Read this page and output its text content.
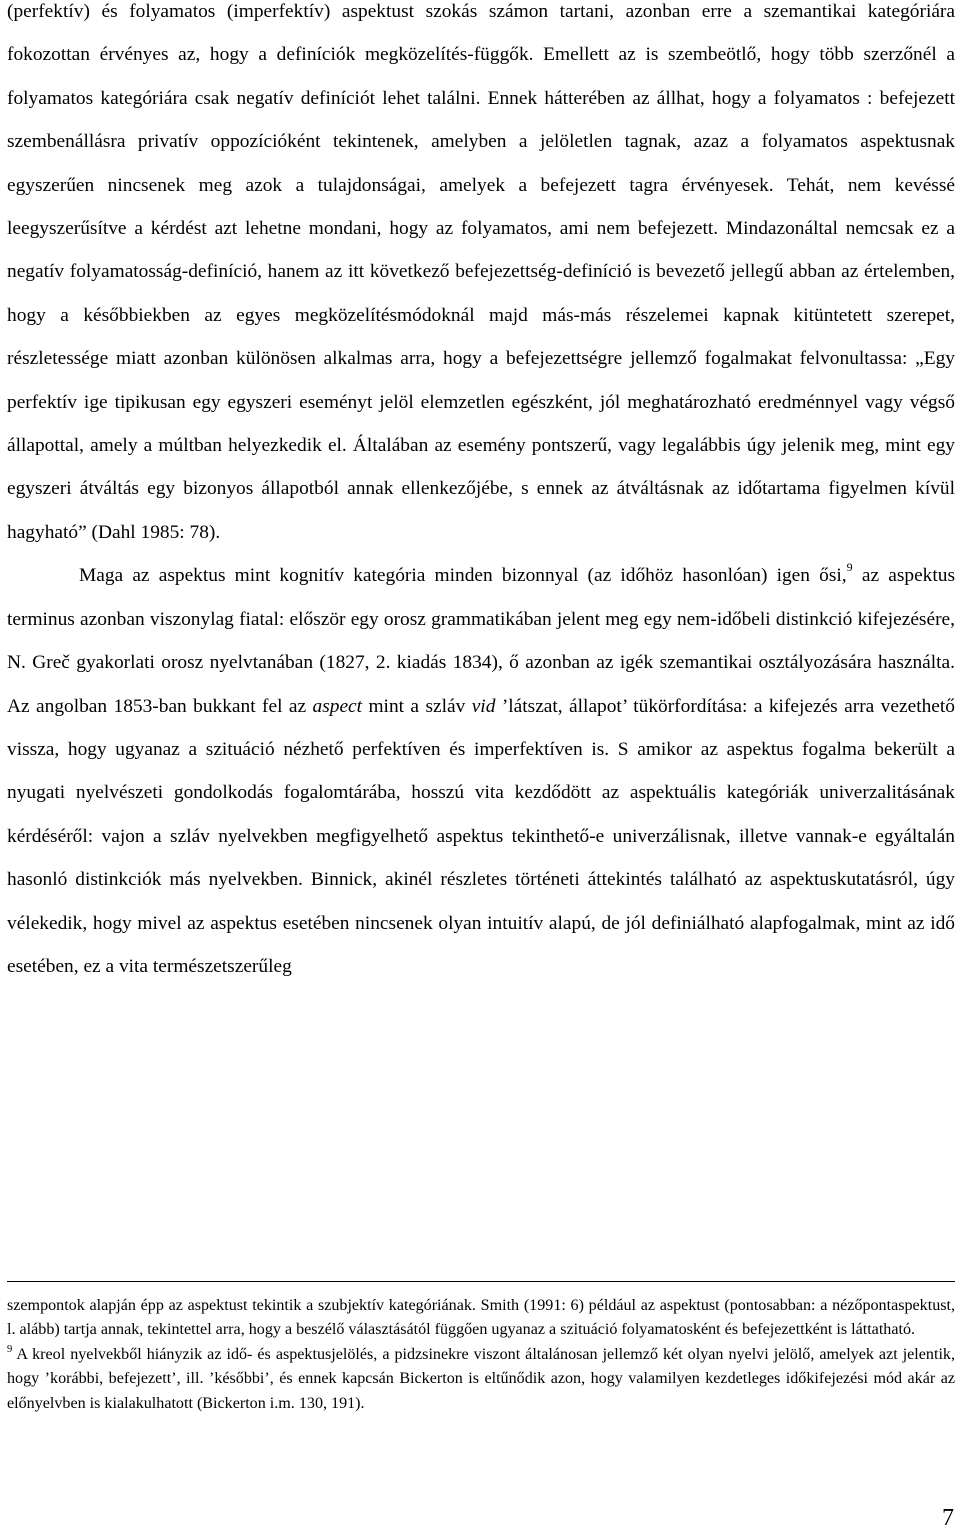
(perfektív) és folyamatos (imperfektív) aspektust szokás számon tartani, azonban erre a szemantikai kategóriára fokozottan érvényes az, hogy a definíciók megközelítés-függők. Emellett az is szembeötlő, hogy több szerzőnél a folyamatos kategóriára csak negatív definíciót lehet találni. Ennek hátterében az állhat, hogy a folyamatos : befejezett szembenállásra privatív oppozícióként tekintenek, amelyben a jelöletlen tagnak, azaz a folyamatos aspektusnak egyszerűen nincsenek meg azok a tulajdonságai, amelyek a befejezett tagra érvényesek. Tehát, nem kevéssé leegyszerűsítve a kérdést azt lehetne mondani, hogy az folyamatos, ami nem befejezett. Mindazonáltal nemcsak ez a negatív folyamatosság-definíció, hanem az itt következő befejezettség-definíció is bevezető jellegű abban az értelemben, hogy a későbbiekben az egyes megközelítésmódoknál majd más-más részelemei kapnak kitüntetett szerepet, részletessége miatt azonban különösen alkalmas arra, hogy a befejezettségre jellemző fogalmakat felvonultassa: „Egy perfektív ige tipikusan egy egyszeri eseményt jelöl elemzetlen egészként, jól meghatározható eredménnyel vagy végső állapottal, amely a múltban helyezkedik el. Általában az esemény pontszerű, vagy legalábbis úgy jelenik meg, mint egy egyszeri átváltás egy bizonyos állapotból annak ellenkezőjébe, s ennek az átváltásnak az időtartama figyelmen kívül hagyható” (Dahl 1985: 78).

Maga az aspektus mint kognitív kategória minden bizonnyal (az időhöz hasonlóan) igen ősi,$^9$ az aspektus terminus azonban viszonylag fiatal: először egy orosz grammatikában jelent meg egy nem-időbeli distinkció kifejezésére, N. Greč gyakorlati orosz nyelvtanában (1827, 2. kiadás 1834), ő azonban az igék szemantikai osztályozására használta. Az angolban 1853-ban bukkant fel az aspect mint a szláv vid ’látszat, állapot’ tükörfordítása: a kifejezés arra vezethető vissza, hogy ugyanaz a szituáció nézhető perfektíven és imperfektíven is. S amikor az aspektus fogalma bekerült a nyugati nyelvészeti gondolkodás fogalomtárába, hosszú vita kezdődött az aspektuális kategóriák univerzalitásának kérdéséről: vajon a szláv nyelvekben megfigyelhető aspektus tekinthető-e univerzálisnak, illetve vannak-e egyáltalán hasonló distinkciók más nyelvekben. Binnick, akinél részletes történeti áttekintés található az aspektuskutatásról, úgy vélekedik, hogy mivel az aspektus esetében nincsenek olyan intuitív alapú, de jól definiálható alapfogalmak, mint az idő esetében, ez a vita természetszerűleg

szempontok alapján épp az aspektust tekintik a szubjektív kategóriának. Smith (1991: 6) például az aspektust (pontosabban: a nézőpontaspektust, l. alább) tartja annak, tekintettel arra, hogy a beszélő választásától függően ugyanaz a szituáció folyamatosként és befejezettként is láttatható.

$^9$ A kreol nyelvekből hiányzik az idő- és aspektusjelölés, a pidzsinekre viszont általánosan jellemző két olyan nyelvi jelölő, amelyek azt jelentik, hogy ’korábbi, befejezett’, ill. ’későbbi’, és ennek kapcsán Bickerton is eltűnődik azon, hogy valamilyen kezdetleges időkifejezési mód akár az előnyelvben is kialakulhatott (Bickerton i.m. 130, 191).

7
